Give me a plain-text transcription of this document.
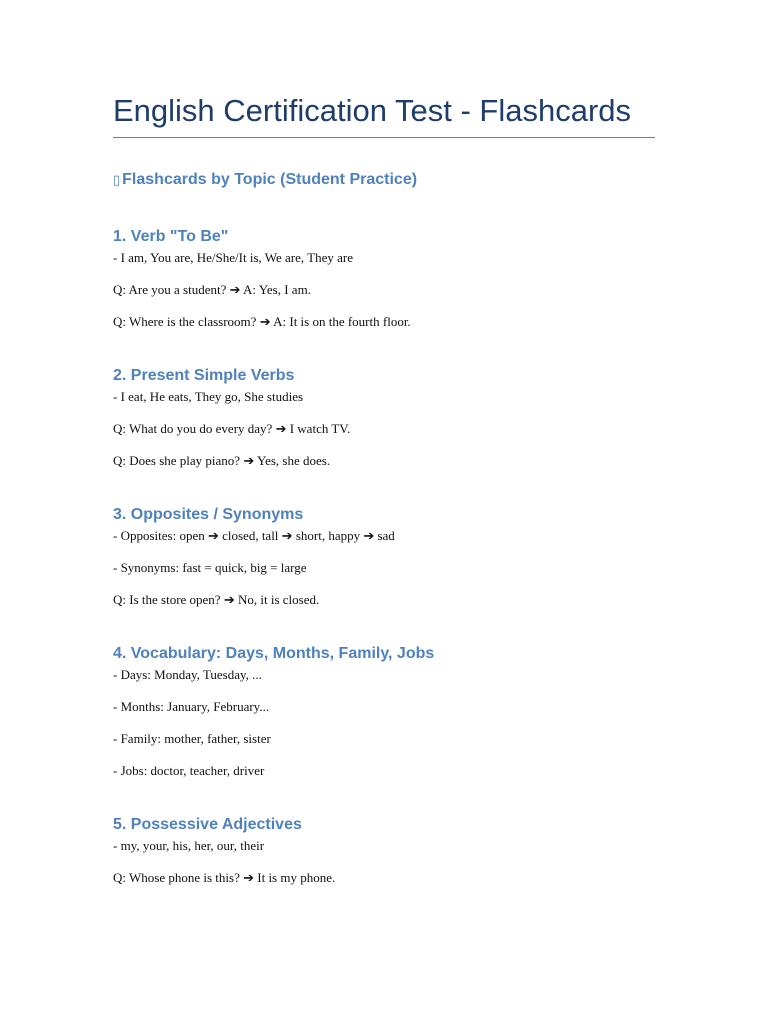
English Certification Test - Flashcards
▯ Flashcards by Topic (Student Practice)
1. Verb "To Be"

- I am, You are, He/She/It is, We are, They are

Q: Are you a student? ➔ A: Yes, I am.

Q: Where is the classroom? ➔ A: It is on the fourth floor.

2. Present Simple Verbs

- I eat, He eats, They go, She studies

Q: What do you do every day? ➔ I watch TV.

Q: Does she play piano? ➔ Yes, she does.

3. Opposites / Synonyms

- Opposites: open ➔ closed, tall ➔ short, happy ➔ sad

- Synonyms: fast = quick, big = large

Q: Is the store open? ➔ No, it is closed.

4. Vocabulary: Days, Months, Family, Jobs

- Days: Monday, Tuesday, ...

- Months: January, February...

- Family: mother, father, sister

- Jobs: doctor, teacher, driver

5. Possessive Adjectives

- my, your, his, her, our, their

Q: Whose phone is this? ➔ It is my phone.
